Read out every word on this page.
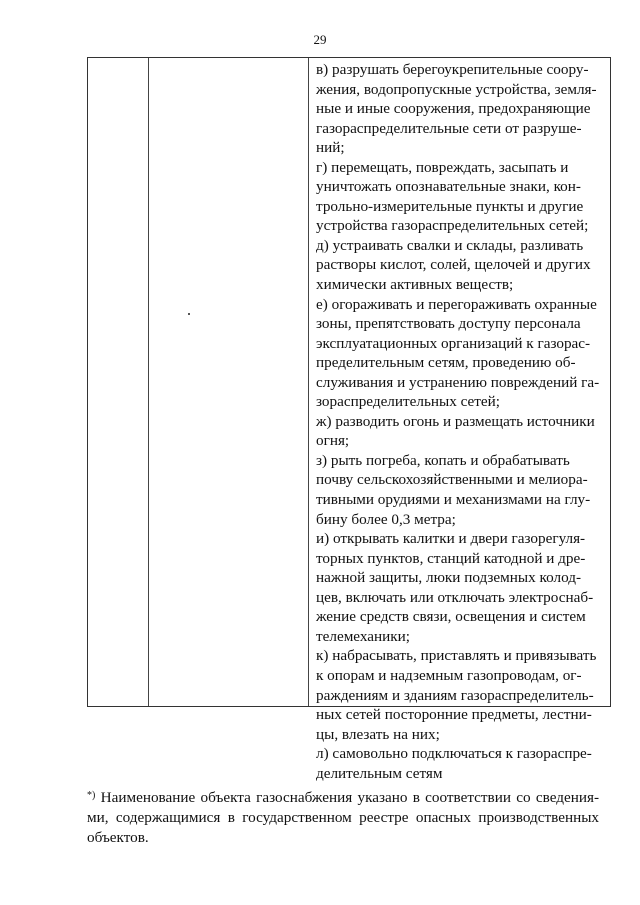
29
в) разрушать берегоукрепительные соору-
жения, водопропускные устройства, земля-
ные и иные сооружения, предохраняющие
газораспределительные сети от разруше-
ний;
г) перемещать, повреждать, засыпать и
уничтожать опознавательные знаки, кон-
трольно-измерительные пункты и другие
устройства газораспределительных сетей;
д) устраивать свалки и склады, разливать
растворы кислот, солей, щелочей и других
химически активных веществ;
е) огораживать и перегораживать охранные
зоны, препятствовать доступу персонала
эксплуатационных организаций к газорас-
пределительным сетям, проведению об-
служивания и устранению повреждений га-
зораспределительных сетей;
ж) разводить огонь и размещать источники
огня;
з) рыть погреба, копать и обрабатывать
почву сельскохозяйственными и мелиора-
тивными орудиями и механизмами на глу-
бину более 0,3 метра;
и) открывать калитки и двери газорегуля-
торных пунктов, станций катодной и дре-
нажной защиты, люки подземных колод-
цев, включать или отключать электроснаб-
жение средств связи, освещения и систем
телемеханики;
к) набрасывать, приставлять и привязывать
к опорам и надземным газопроводам, ог-
раждениям и зданиям газораспределитель-
ных сетей посторонние предметы, лестни-
цы, влезать на них;
л) самовольно подключаться к газораспре-
делительным сетям
*) Наименование объекта газоснабжения указано в соответствии со сведения-ми, содержащимися в государственном реестре опасных производственных объектов.
